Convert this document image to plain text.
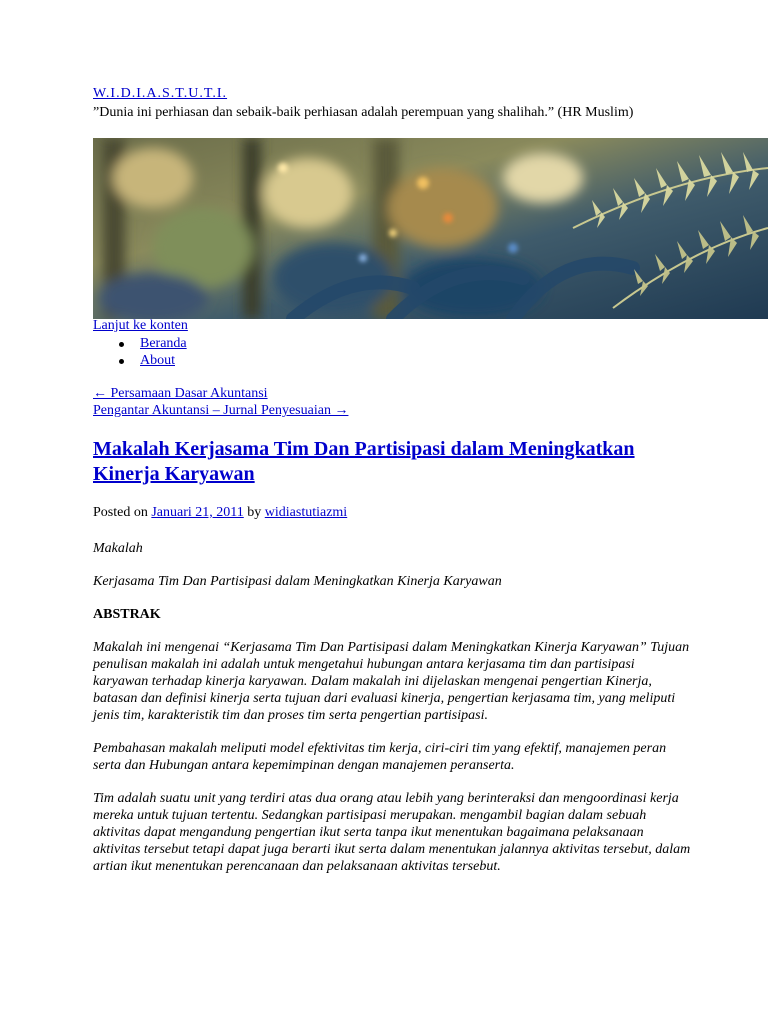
W.I.D.I.A.S.T.U.T.I.
”Dunia ini perhiasan dan sebaik-baik perhiasan adalah perempuan yang shalihah.” (HR Muslim)
Lanjut ke konten
Beranda
About
← Persamaan Dasar Akuntansi
Pengantar Akuntansi – Jurnal Penyesuaian →
Makalah Kerjasama Tim Dan Partisipasi dalam Meningkatkan Kinerja Karyawan
Posted on Januari 21, 2011 by widiastutiazmi

Makalah

Kerjasama Tim Dan Partisipasi dalam Meningkatkan Kinerja Karyawan

ABSTRAK

Makalah ini mengenai “Kerjasama Tim Dan Partisipasi dalam Meningkatkan Kinerja Karyawan” Tujuan penulisan makalah ini adalah untuk mengetahui hubungan antara kerjasama tim dan partisipasi karyawan terhadap kinerja karyawan. Dalam makalah ini dijelaskan mengenai pengertian Kinerja, batasan dan definisi kinerja serta tujuan dari evaluasi kinerja, pengertian kerjasama tim, yang meliputi jenis tim, karakteristik tim dan proses tim serta pengertian partisipasi.

Pembahasan makalah meliputi model efektivitas tim kerja, ciri-ciri tim yang efektif, manajemen peran serta dan Hubungan antara kepemimpinan dengan manajemen peranserta.

Tim adalah suatu unit yang terdiri atas dua orang atau lebih yang berinteraksi dan mengoordinasi kerja mereka untuk tujuan tertentu. Sedangkan partisipasi merupakan. mengambil bagian dalam sebuah aktivitas dapat mengandung pengertian ikut serta tanpa ikut menentukan bagaimana pelaksanaan aktivitas tersebut tetapi dapat juga berarti ikut serta dalam menentukan jalannya aktivitas tersebut, dalam artian ikut menentukan perencanaan dan pelaksanaan aktivitas tersebut.
